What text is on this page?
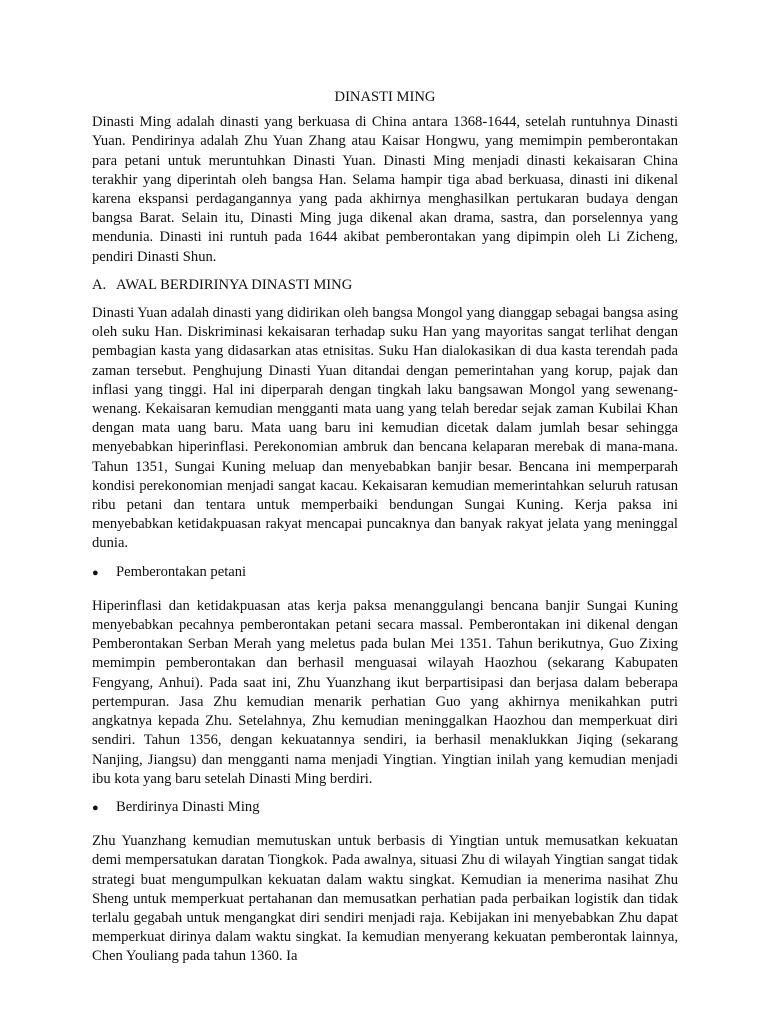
DINASTI MING

Dinasti Ming adalah dinasti yang berkuasa di China antara 1368-1644, setelah runtuhnya Dinasti Yuan. Pendirinya adalah Zhu Yuan Zhang atau Kaisar Hongwu, yang memimpin pemberontakan para petani untuk meruntuhkan Dinasti Yuan. Dinasti Ming menjadi dinasti kekaisaran China terakhir yang diperintah oleh bangsa Han. Selama hampir tiga abad berkuasa, dinasti ini dikenal karena ekspansi perdagangannya yang pada akhirnya menghasilkan pertukaran budaya dengan bangsa Barat. Selain itu, Dinasti Ming juga dikenal akan drama, sastra, dan porselennya yang mendunia. Dinasti ini runtuh pada 1644 akibat pemberontakan yang dipimpin oleh Li Zicheng, pendiri Dinasti Shun.

A. AWAL BERDIRINYA DINASTI MING

Dinasti Yuan adalah dinasti yang didirikan oleh bangsa Mongol yang dianggap sebagai bangsa asing oleh suku Han. Diskriminasi kekaisaran terhadap suku Han yang mayoritas sangat terlihat dengan pembagian kasta yang didasarkan atas etnisitas. Suku Han dialokasikan di dua kasta terendah pada zaman tersebut. Penghujung Dinasti Yuan ditandai dengan pemerintahan yang korup, pajak dan inflasi yang tinggi. Hal ini diperparah dengan tingkah laku bangsawan Mongol yang sewenang-wenang. Kekaisaran kemudian mengganti mata uang yang telah beredar sejak zaman Kubilai Khan dengan mata uang baru. Mata uang baru ini kemudian dicetak dalam jumlah besar sehingga menyebabkan hiperinflasi. Perekonomian ambruk dan bencana kelaparan merebak di mana-mana. Tahun 1351, Sungai Kuning meluap dan menyebabkan banjir besar. Bencana ini memperparah kondisi perekonomian menjadi sangat kacau. Kekaisaran kemudian memerintahkan seluruh ratusan ribu petani dan tentara untuk memperbaiki bendungan Sungai Kuning. Kerja paksa ini menyebabkan ketidakpuasan rakyat mencapai puncaknya dan banyak rakyat jelata yang meninggal dunia.

●	Pemberontakan petani

Hiperinflasi dan ketidakpuasan atas kerja paksa menanggulangi bencana banjir Sungai Kuning menyebabkan pecahnya pemberontakan petani secara massal. Pemberontakan ini dikenal dengan Pemberontakan Serban Merah yang meletus pada bulan Mei 1351. Tahun berikutnya, Guo Zixing memimpin pemberontakan dan berhasil menguasai wilayah Haozhou (sekarang Kabupaten Fengyang, Anhui). Pada saat ini, Zhu Yuanzhang ikut berpartisipasi dan berjasa dalam beberapa pertempuran. Jasa Zhu kemudian menarik perhatian Guo yang akhirnya menikahkan putri angkatnya kepada Zhu. Setelahnya, Zhu kemudian meninggalkan Haozhou dan memperkuat diri sendiri. Tahun 1356, dengan kekuatannya sendiri, ia berhasil menaklukkan Jiqing (sekarang Nanjing, Jiangsu) dan mengganti nama menjadi Yingtian. Yingtian inilah yang kemudian menjadi ibu kota yang baru setelah Dinasti Ming berdiri.

●	Berdirinya Dinasti Ming

Zhu Yuanzhang kemudian memutuskan untuk berbasis di Yingtian untuk memusatkan kekuatan demi mempersatukan daratan Tiongkok. Pada awalnya, situasi Zhu di wilayah Yingtian sangat tidak strategi buat mengumpulkan kekuatan dalam waktu singkat. Kemudian ia menerima nasihat Zhu Sheng untuk memperkuat pertahanan dan memusatkan perhatian pada perbaikan logistik dan tidak terlalu gegabah untuk mengangkat diri sendiri menjadi raja. Kebijakan ini menyebabkan Zhu dapat memperkuat dirinya dalam waktu singkat. Ia kemudian menyerang kekuatan pemberontak lainnya, Chen Youliang pada tahun 1360. Ia
